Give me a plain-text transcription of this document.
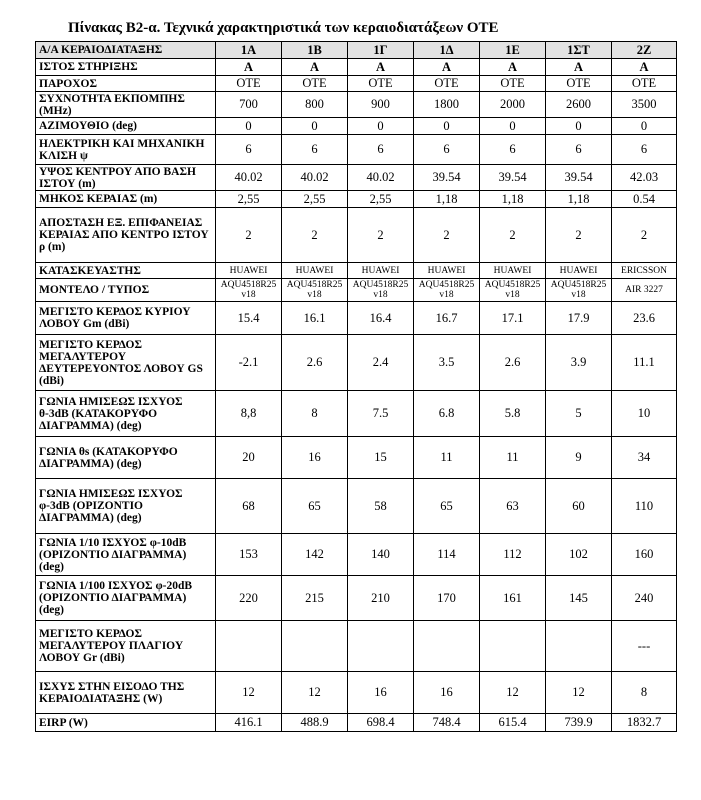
Πίνακας Β2-α. Τεχνικά χαρακτηριστικά των κεραιοδιατάξεων ΟΤΕ
Α/Α ΚΕΡΑΙΟΔΙΑΤΑΞΗΣ	1Α	1Β	1Γ	1Δ	1Ε	1ΣΤ	2Ζ
ΙΣΤΟΣ ΣΤΗΡΙΞΗΣ	Α	Α	Α	Α	Α	Α	Α
ΠΑΡΟΧΟΣ	ΟΤΕ	ΟΤΕ	ΟΤΕ	ΟΤΕ	ΟΤΕ	ΟΤΕ	ΟΤΕ
ΣΥΧΝΟΤΗΤΑ ΕΚΠΟΜΠΗΣ (MHz)	700	800	900	1800	2000	2600	3500
ΑΖΙΜΟΥΘΙΟ (deg)	0	0	0	0	0	0	0
ΗΛΕΚΤΡΙΚΗ ΚΑΙ ΜΗΧΑΝΙΚΗ ΚΛΙΣΗ ψ	6	6	6	6	6	6	6
ΥΨΟΣ ΚΕΝΤΡΟΥ ΑΠΟ ΒΑΣΗ ΙΣΤΟΥ (m)	40.02	40.02	40.02	39.54	39.54	39.54	42.03
ΜΗΚΟΣ ΚΕΡΑΙΑΣ (m)	2,55	2,55	2,55	1,18	1,18	1,18	0.54
ΑΠΟΣΤΑΣΗ ΕΞ. ΕΠΙΦΑΝΕΙΑΣ ΚΕΡΑΙΑΣ ΑΠΟ ΚΕΝΤΡΟ ΙΣΤΟΥ ρ (m)	2	2	2	2	2	2	2
ΚΑΤΑΣΚΕΥΑΣΤΗΣ	HUAWEI	HUAWEI	HUAWEI	HUAWEI	HUAWEI	HUAWEI	ERICSSON
ΜΟΝΤΕΛΟ / ΤΥΠΟΣ	AQU4518R25 v18	AQU4518R25 v18	AQU4518R25 v18	AQU4518R25 v18	AQU4518R25 v18	AQU4518R25 v18	AIR 3227
ΜΕΓΙΣΤΟ ΚΕΡΔΟΣ ΚΥΡΙΟΥ ΛΟΒΟΥ Gm (dBi)	15.4	16.1	16.4	16.7	17.1	17.9	23.6
ΜΕΓΙΣΤΟ ΚΕΡΔΟΣ ΜΕΓΑΛΥΤΕΡΟΥ ΔΕΥΤΕΡΕΥΟΝΤΟΣ ΛΟΒΟΥ GS (dBi)	-2.1	2.6	2.4	3.5	2.6	3.9	11.1
ΓΩΝΙΑ ΗΜΙΣΕΩΣ ΙΣΧΥΟΣ θ-3dB (ΚΑΤΑΚΟΡΥΦΟ ΔΙΑΓΡΑΜΜΑ) (deg)	8,8	8	7.5	6.8	5.8	5	10
ΓΩΝΙΑ θs (ΚΑΤΑΚΟΡΥΦΟ ΔΙΑΓΡΑΜΜΑ) (deg)	20	16	15	11	11	9	34
ΓΩΝΙΑ ΗΜΙΣΕΩΣ ΙΣΧΥΟΣ φ-3dB (ΟΡΙΖΟΝΤΙΟ ΔΙΑΓΡΑΜΜΑ) (deg)	68	65	58	65	63	60	110
ΓΩΝΙΑ 1/10 ΙΣΧΥΟΣ φ-10dB (ΟΡΙΖΟΝΤΙΟ ΔΙΑΓΡΑΜΜΑ) (deg)	153	142	140	114	112	102	160
ΓΩΝΙΑ 1/100 ΙΣΧΥΟΣ φ-20dB (ΟΡΙΖΟΝΤΙΟ ΔΙΑΓΡΑΜΜΑ) (deg)	220	215	210	170	161	145	240
ΜΕΓΙΣΤΟ ΚΕΡΔΟΣ ΜΕΓΑΛΥΤΕΡΟΥ ΠΛΑΓΙΟΥ ΛΟΒΟΥ Gr (dBi)							---
ΙΣΧΥΣ ΣΤΗΝ ΕΙΣΟΔΟ ΤΗΣ ΚΕΡΑΙΟΔΙΑΤΑΞΗΣ (W)	12	12	16	16	12	12	8
EIRP (W)	416.1	488.9	698.4	748.4	615.4	739.9	1832.7
